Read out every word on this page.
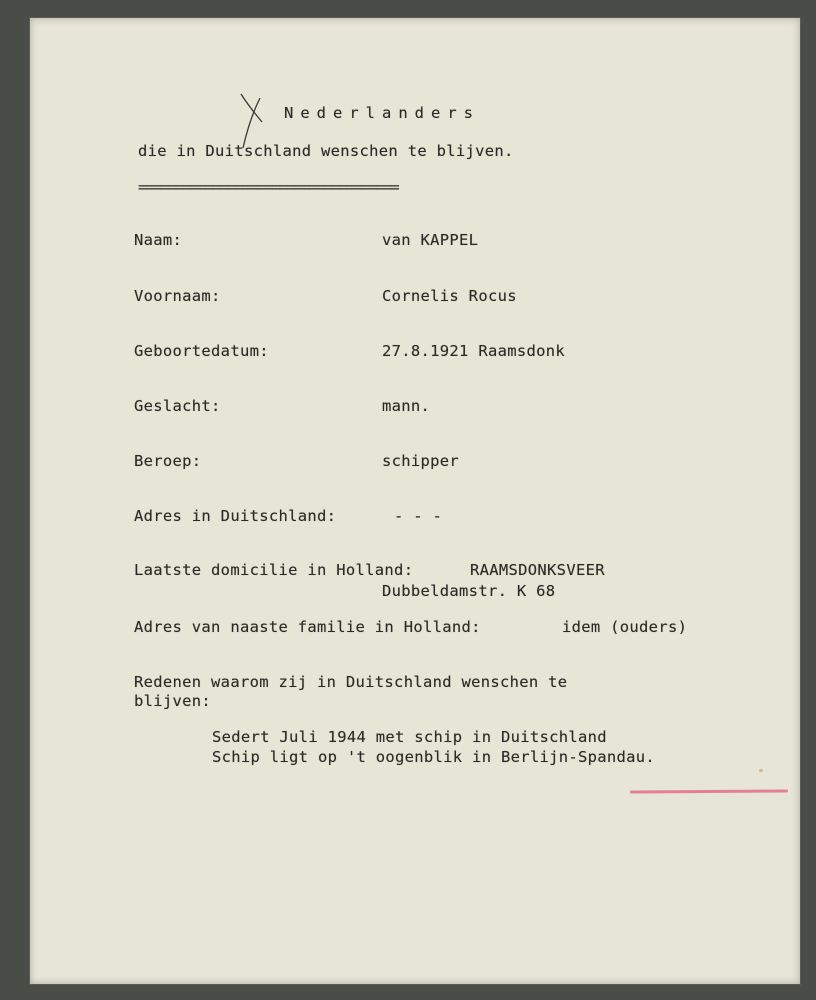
Nederlanders
die in Duitschland wenschen te blijven.
===================================
Naam:	van KAPPEL
Voornaam:	Cornelis Rocus
Geboortedatum:	27.8.1921 Raamsdonk
Geslacht:	mann.
Beroep:	schipper
Adres in Duitschland:	- - -
Laatste domicilie in Holland:	RAAMSDONKSVEER
Dubbeldamstr. K 68
Adres van naaste familie in Holland:	idem (ouders)
Redenen waarom zij in Duitschland wenschen te
blijven:
Sedert Juli 1944 met schip in Duitschland
Schip ligt op 't oogenblik in Berlijn-Spandau.
